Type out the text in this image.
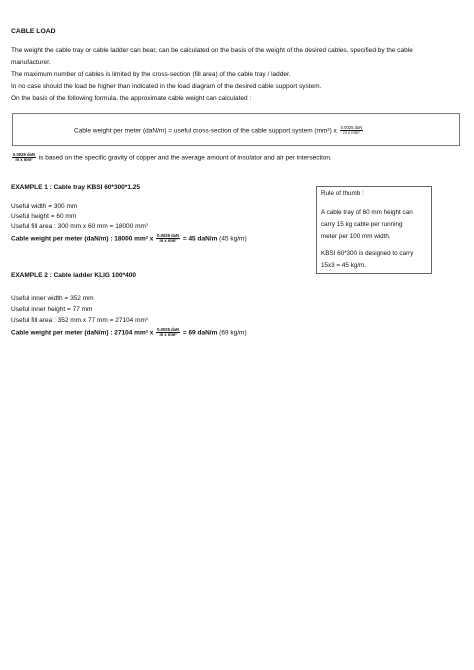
CABLE LOAD
The weight the cable tray or cable ladder can bear, can be calculated on the basis of the weight of the desired cables, specified by the cable
manufacturer.
The maximum number of cables is limited by the cross-section (fill area) of the cable tray / ladder.
In no case should the load be higher than indicated in the load diagram of the desired cable support system.
On the basis of the following formula, the approximate cable weight can calculated :
Cable weight per meter (daN/m) = useful cross-section of the cable support system (mm²) x $\frac{\text{0.0025 daN}}{\text{m x mm²}}$
$\frac{\text{0.0025 daN}}{\text{m x mm²}}$ is based on the specific gravity of copper and the average amount of insulator and air per intersection.
EXAMPLE 1 : Cable tray KBSI 60*300*1.25
Useful width = 300 mm
Useful height = 60 mm
Useful fill area : 300 mm x 60 mm = 18000 $mm^2$
Cable weight per meter (daN/m) : 18000 mm² x $\frac{\text{0.0025 daN}}{\text{m x mm²}} = 45$ daN/m (45 kg/m)
Rule of thumb :
A cable tray of 60 mm height can
carry 15 kg cable per running
meter per 100 mm width.
KBSI 60*300 is designed to carry
15x3 = 45 kg/m.
EXAMPLE 2 : Cable ladder KLIG 100*400
Useful inner width = 352 mm
Useful inner height = 77 mm
Useful fill area : 352 mm x 77 mm = 27104 $mm^2$
Cable weight per meter (daN/m) : 27104 mm² x $\frac{\text{0.0025 daN}}{\text{m x mm²}} = 69$ daN/m (69 kg/m)
